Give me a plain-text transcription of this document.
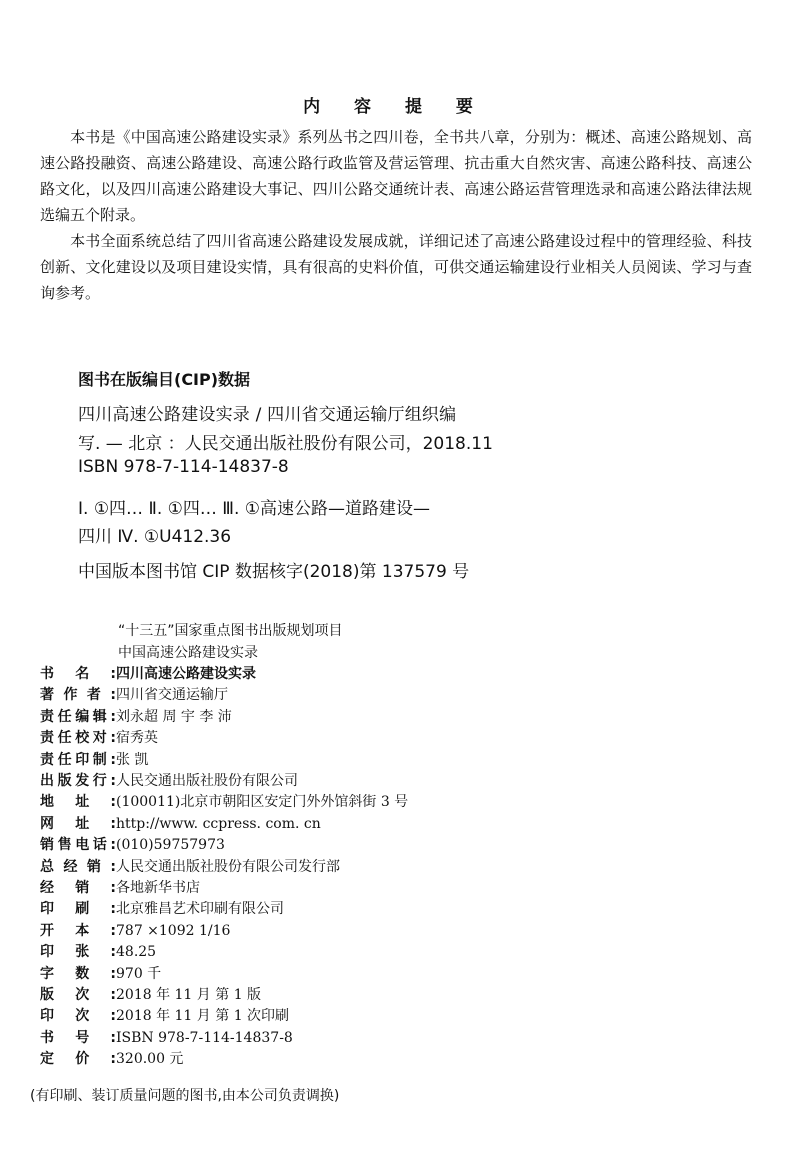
内 容 提 要
本书是《中国高速公路建设实录》系列丛书之四川卷，全书共八章，分别为：概述、高速公路规划、高速公路投融资、高速公路建设、高速公路行政监管及营运管理、抗击重大自然灾害、高速公路科技、高速公路文化，以及四川高速公路建设大事记、四川公路交通统计表、高速公路运营管理选录和高速公路法律法规选编五个附录。
本书全面系统总结了四川省高速公路建设发展成就，详细记述了高速公路建设过程中的管理经验、科技创新、文化建设以及项目建设实情，具有很高的史料价值，可供交通运输建设行业相关人员阅读、学习与查询参考。
图书在版编目(CIP)数据
四川高速公路建设实录 / 四川省交通运输厅组织编
写. — 北京 ：人民交通出版社股份有限公司，2018.11
ISBN 978-7-114-14837-8
Ⅰ. ①四… Ⅱ. ①四… Ⅲ. ①高速公路—道路建设—
四川 Ⅳ. ①U412.36
中国版本图书馆 CIP 数据核字(2018)第 137579 号
“十三五”国家重点图书出版规划项目
中国高速公路建设实录
书名:四川高速公路建设实录
著作者:四川省交通运输厅
责任编辑:刘永超 周 宇 李 沛
责任校对:宿秀英
责任印制:张 凯
出版发行:人民交通出版社股份有限公司
地址:(100011)北京市朝阳区安定门外外馆斜街 3 号
网址:http://www. ccpress. com. cn
销售电话:(010)59757973
总经销:人民交通出版社股份有限公司发行部
经销:各地新华书店
印刷:北京雅昌艺术印刷有限公司
开本:787 ×1092 1/16
印张:48.25
字数:970 千
版次:2018 年 11 月 第 1 版
印次:2018 年 11 月 第 1 次印刷
书号:ISBN 978-7-114-14837-8
定价:320.00 元
(有印刷、装订质量问题的图书,由本公司负责调换)
